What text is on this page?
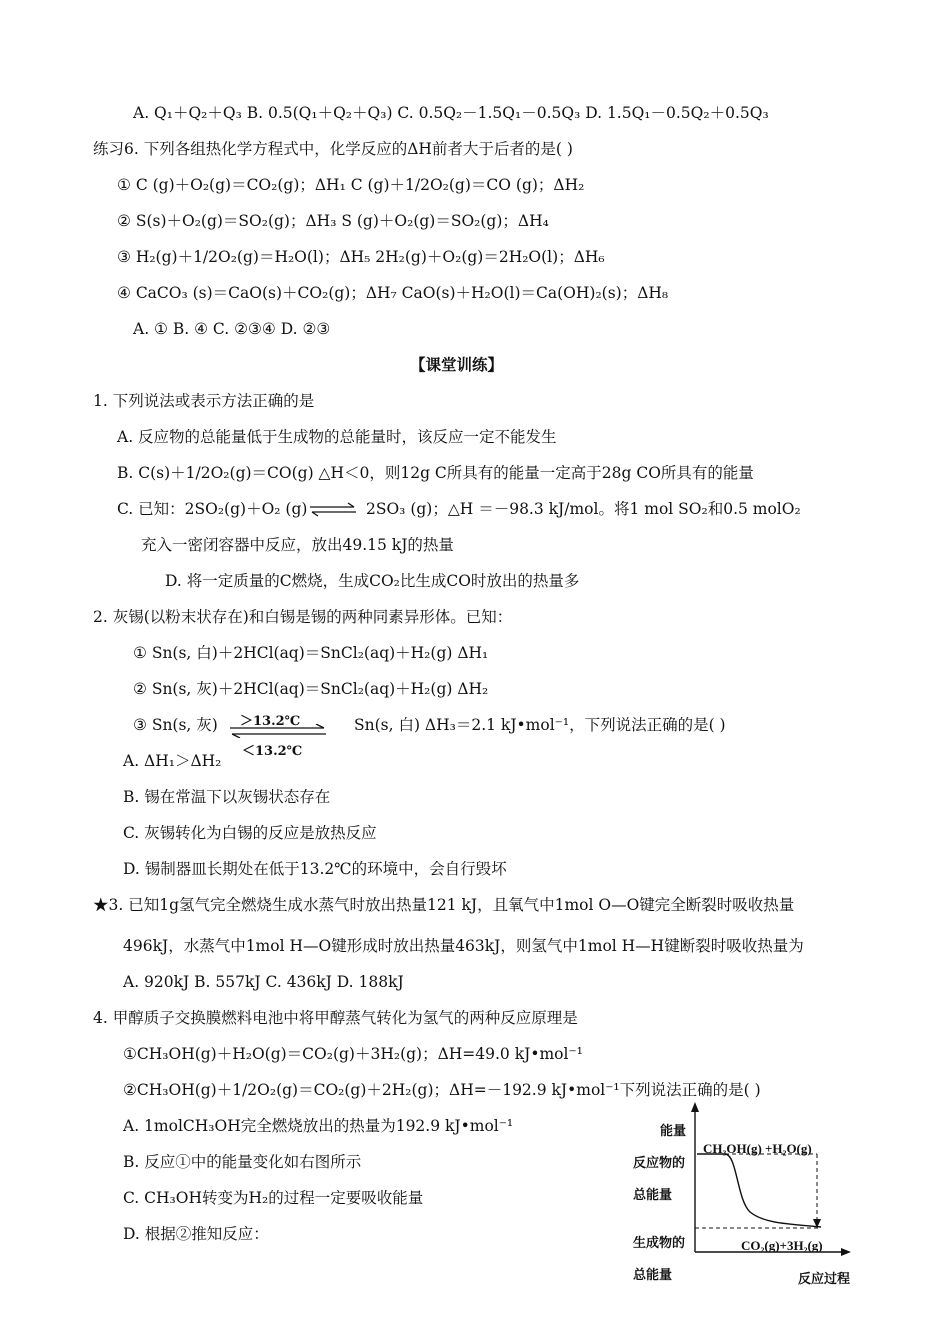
A. Q₁＋Q₂＋Q₃ B. 0.5(Q₁＋Q₂＋Q₃) C. 0.5Q₂－1.5Q₁－0.5Q₃ D. 1.5Q₁－0.5Q₂＋0.5Q₃
练习6. 下列各组热化学方程式中，化学反应的ΔH前者大于后者的是( )
① C (g)＋O₂(g)＝CO₂(g)；ΔH₁ C (g)＋1/2O₂(g)＝CO (g)；ΔH₂
② S(s)＋O₂(g)＝SO₂(g)；ΔH₃ S (g)＋O₂(g)＝SO₂(g)；ΔH₄
③ H₂(g)＋1/2O₂(g)＝H₂O(l)；ΔH₅ 2H₂(g)＋O₂(g)＝2H₂O(l)；ΔH₆
④ CaCO₃ (s)＝CaO(s)＋CO₂(g)；ΔH₇ CaO(s)＋H₂O(l)＝Ca(OH)₂(s)；ΔH₈
A. ① B. ④ C. ②③④ D. ②③
【课堂训练】
1. 下列说法或表示方法正确的是
A. 反应物的总能量低于生成物的总能量时，该反应一定不能发生
B. C(s)＋1/2O₂(g)＝CO(g) △H＜0，则12g C所具有的能量一定高于28g CO所具有的能量
C. 已知：2SO₂(g)＋O₂ (g) ⇌ 2SO₃ (g)；△H ＝－98.3 kJ/mol。将1 mol SO₂和0.5 molO₂
充入一密闭容器中反应，放出49.15 kJ的热量
D. 将一定质量的C燃烧，生成CO₂比生成CO时放出的热量多
2. 灰锡(以粉末状存在)和白锡是锡的两种同素异形体。已知：
① Sn(s, 白)＋2HCl(aq)＝SnCl₂(aq)＋H₂(g) ΔH₁
② Sn(s, 灰)＋2HCl(aq)＝SnCl₂(aq)＋H₂(g) ΔH₂
③ Sn(s, 灰) ＞13.2℃
＜13.2℃
Sn(s, 白) ΔH₃＝2.1 kJ•mol⁻¹，下列说法正确的是( )
A. ΔH₁＞ΔH₂
B. 锡在常温下以灰锡状态存在
C. 灰锡转化为白锡的反应是放热反应
D. 锡制器皿长期处在低于13.2℃的环境中，会自行毁坏
★3. 已知1g氢气完全燃烧生成水蒸气时放出热量121 kJ，且氧气中1mol O—O键完全断裂时吸收热量
496kJ，水蒸气中1mol H—O键形成时放出热量463kJ，则氢气中1mol H—H键断裂时吸收热量为
A. 920kJ B. 557kJ C. 436kJ D. 188kJ
4. 甲醇质子交换膜燃料电池中将甲醇蒸气转化为氢气的两种反应原理是
①CH₃OH(g)＋H₂O(g)＝CO₂(g)＋3H₂(g)；ΔH=49.0 kJ•mol⁻¹
②CH₃OH(g)＋1/2O₂(g)＝CO₂(g)＋2H₂(g)；ΔH=－192.9 kJ•mol⁻¹下列说法正确的是( )
A. 1molCH₃OH完全燃烧放出的热量为192.9 kJ•mol⁻¹
B. 反应①中的能量变化如右图所示
C. CH₃OH转变为H₂的过程一定要吸收能量
D. 根据②推知反应：
能量
反应物的
总能量
生成物的
总能量
CH₃OH(g) +H₂O(g)
CO₂(g)+3H₂(g)
反应过程
